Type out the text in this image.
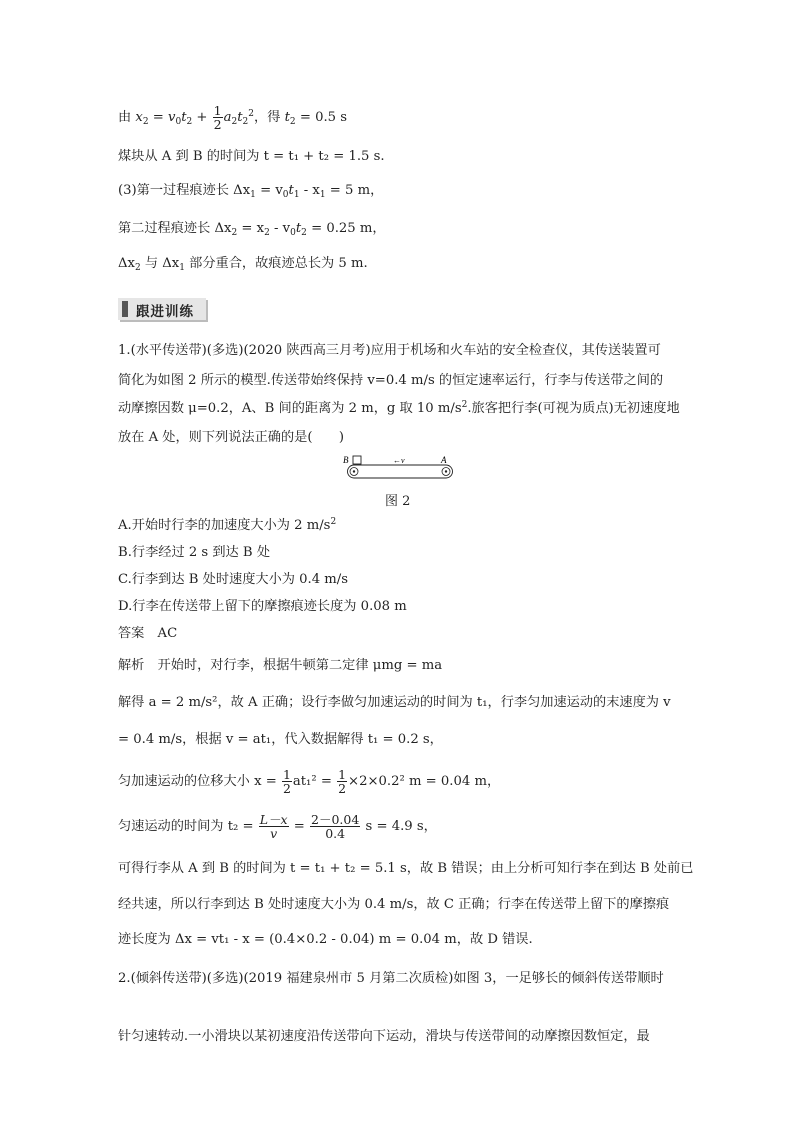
由 $x_2 = v_0t_2 + \frac{1}{2} a_2t_2^2$，得 $t_2 = 0.5$ s
煤块从 A 到 B 的时间为 t = t₁ + t₂ = 1.5 s.
(3)第一过程痕迹长 $\Delta x_1 = v_0t_1 - x_1 = 5$ m，
第二过程痕迹长 $\Delta x_2 = x_2 - v_0t_2 = 0.25$ m，
$\Delta x_2$ 与 $\Delta x_1$ 部分重合，故痕迹总长为 5 m.
跟进训练
1.(水平传送带)(多选)(2020 陕西高三月考)应用于机场和火车站的安全检查仪，其传送装置可
简化为如图 2 所示的模型.传送带始终保持 v=0.4 m/s 的恒定速率运行，行李与传送带之间的
动摩擦因数 μ=0.2，A、B 间的距离为 2 m，g 取 10 $m/s^2$.旅客把行李(可视为质点)无初速度地
放在 A 处，则下列说法正确的是(　　)
B	←v	A
图 2
A.开始时行李的加速度大小为 2 $m/s^2$
B.行李经过 2 s 到达 B 处
C.行李到达 B 处时速度大小为 0.4 m/s
D.行李在传送带上留下的摩擦痕迹长度为 0.08 m
答案　AC
解析　开始时，对行李，根据牛顿第二定律 μmg = ma
解得 a = 2 m/s²，故 A 正确；设行李做匀加速运动的时间为 t₁，行李匀加速运动的末速度为 v
= 0.4 m/s，根据 v = at₁，代入数据解得 t₁ = 0.2 s，
匀加速运动的位移大小 $x = \frac{1}{2} at_1^2 = \frac{1}{2} \times 2\times 0.2^2$ m = 0.04 m，
匀速运动的时间为 $t_2 = \frac{L-x}{v} = \frac{2-0.04}{0.4}$ s = 4.9 s，
可得行李从 A 到 B 的时间为 t = t₁ + t₂ = 5.1 s，故 B 错误；由上分析可知行李在到达 B 处前已
经共速，所以行李到达 B 处时速度大小为 0.4 m/s，故 C 正确；行李在传送带上留下的摩擦痕
迹长度为 Δx = vt₁ - x = (0.4×0.2 - 0.04) m = 0.04 m，故 D 错误.
2.(倾斜传送带)(多选)(2019 福建泉州市 5 月第二次质检)如图 3，一足够长的倾斜传送带顺时
针匀速转动.一小滑块以某初速度沿传送带向下运动，滑块与传送带间的动摩擦因数恒定，最
